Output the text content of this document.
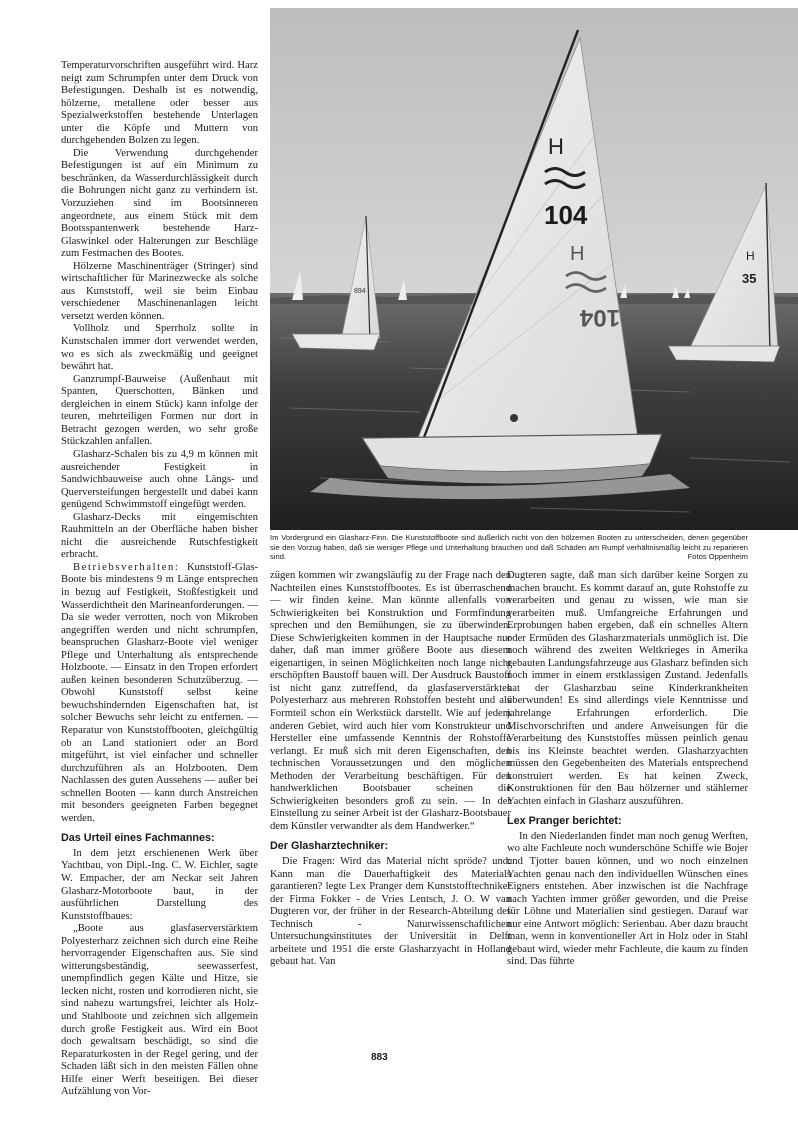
Temperaturvorschriften ausgeführt wird. Harz neigt zum Schrumpfen unter dem Druck von Befestigungen. Deshalb ist es notwendig, hölzerne, metallene oder besser aus Spezialwerkstoffen bestehende Unterlagen unter die Köpfe und Muttern von durchgehenden Bolzen zu legen.

Die Verwendung durchgehender Befestigungen ist auf ein Minimum zu beschränken, da Wasserdurchlässigkeit durch die Bohrungen nicht ganz zu verhindern ist. Vorzuziehen sind im Bootsinneren angeordnete, aus einem Stück mit dem Bootsspantenwerk bestehende Harz-Glaswinkel oder Halterungen zur Beschläge zum Festmachen des Bootes.

Hölzerne Maschinenträger (Stringer) sind wirtschaftlicher für Marinezwecke als solche aus Kunststoff, weil sie beim Einbau verschiedener Maschinenanlagen leicht versetzt werden können.

Vollholz und Sperrholz sollte in Kunstschalen immer dort verwendet werden, wo es sich als zweckmäßig und geeignet bewährt hat.

Ganzrumpf-Bauweise (Außenhaut mit Spanten, Querschotten, Bänken und dergleichen in einem Stück) kann infolge der teuren, mehrteiligen Formen nur dort in Betracht gezogen werden, wo sehr große Stückzahlen anfallen.

Glasharz-Schalen bis zu 4,9 m können mit ausreichender Festigkeit in Sandwichbauweise auch ohne Längs- und Querversteifungen hergestellt und dabei kann genügend Schwimmstoff eingefügt werden.

Glasharz-Decks mit eingemischten Rauhmitteln an der Oberfläche haben bisher nicht die ausreichende Rutschfestigkeit erbracht.

Betriebsverhalten: Kunststoff-Glas-Boote bis mindestens 9 m Länge entsprechen in bezug auf Festigkeit, Stoßfestigkeit und Wasserdichtheit den Marineanforderungen. — Da sie weder verrotten, noch von Mikroben angegriffen werden und nicht schrumpfen, beanspruchen Glasharz-Boote viel weniger Pflege und Unterhaltung als entsprechende Holzboote. — Einsatz in den Tropen erfordert außen keinen besonderen Schutzüberzug. — Obwohl Kunststoff selbst keine bewuchshindernden Eigenschaften hat, ist solcher Bewuchs sehr leicht zu entfernen. — Reparatur von Kunststoffbooten, gleichgültig ob an Land stationiert oder an Bord mitgeführt, ist viel einfacher und schneller durchzuführen als an Holzbooten. Dem Nachlassen des guten Aussehens — außer bei schnellen Booten — kann durch Anstreichen mit besonders geeigneten Farben begegnet werden.

Das Urteil eines Fachmannes:

In dem jetzt erschienenen Werk über Yachtbau, von Dipl.-Ing. C. W. Eichler, sagte W. Empacher, der am Neckar seit Jahren Glasharz-Motorboote baut, in der ausführlichen Darstellung des Kunststoffbaues:

„Boote aus glasfaserverstärktem Polyesterharz zeichnen sich durch eine Reihe hervorragender Eigenschaften aus. Sie sind witterungsbeständig, seewasserfest, unempfindlich gegen Kälte und Hitze, sie lecken nicht, rosten und korrodieren nicht, sie sind nahezu wartungsfrei, leichter als Holz- und Stahlboote und zeichnen sich allgemein durch große Festigkeit aus. Wird ein Boot doch gewaltsam beschädigt, so sind die Reparaturkosten in der Regel gering, und der Schaden läßt sich in den meisten Fällen ohne Hilfe einer Werft beseitigen. Bei dieser Aufzählung von Vor-

894
H
35
H
104
H
104
Im Vordergrund ein Glasharz-Finn. Die Kunststoffboote sind äußerlich nicht von den hölzernen Booten zu unterscheiden, denen gegenüber sie den Vorzug haben, daß sie weniger Pflege und Unterhaltung brauchen und daß Schäden am Rumpf verhältnismäßig leicht zu reparieren sind.	Fotos Oppenheim

zügen kommen wir zwangsläufig zu der Frage nach den Nachteilen eines Kunststoffbootes. Es ist überraschend — wir finden keine. Man könnte allenfalls von Schwierigkeiten bei Konstruktion und Formfindung sprechen und den Bemühungen, sie zu überwinden. Diese Schwierigkeiten kommen in der Hauptsache nur daher, daß man immer größere Boote aus diesem eigenartigen, in seinen Möglichkeiten noch lange nicht erschöpften Baustoff bauen will. Der Ausdruck Baustoff ist nicht ganz zutreffend, da glasfaserverstärktes Polyesterharz aus mehreren Rohstoffen besteht und als Formteil schon ein Werkstück darstellt. Wie auf jedem anderen Gebiet, wird auch hier vom Konstrukteur und Hersteller eine umfassende Kenntnis der Rohstoffe verlangt. Er muß sich mit deren Eigenschaften, den technischen Voraussetzungen und den möglichen Methoden der Verarbeitung beschäftigen. Für den handwerklichen Bootsbauer scheinen die Schwierigkeiten besonders groß zu sein. — In der Einstellung zu seiner Arbeit ist der Glasharz-Bootsbauer dem Künstler verwandter als dem Handwerker.“

Der Glasharztechniker:

Die Fragen: Wird das Material nicht spröde? und: Kann man die Dauerhaftigkeit des Materials garantieren? legte Lex Pranger dem Kunststofftechniker der Firma Fokker - de Vries Lentsch, J. O. W van Dugteren vor, der früher in der Research-Abteilung des Technisch - Naturwissenschaftlichen Untersuchungsinstitutes der Universität in Delft arbeitete und 1951 die erste Glasharzyacht in Holland gebaut hat. Van

Dugteren sagte, daß man sich darüber keine Sorgen zu machen braucht. Es kommt darauf an, gute Rohstoffe zu verarbeiten und genau zu wissen, wie man sie verarbeiten muß. Umfangreiche Erfahrungen und Erprobungen haben ergeben, daß ein schnelles Altern oder Ermüden des Glasharzmaterials unmöglich ist. Die noch während des zweiten Weltkrieges in Amerika gebauten Landungsfahrzeuge aus Glasharz befinden sich noch immer in einem erstklassigen Zustand. Jedenfalls hat der Glasharzbau seine Kinderkrankheiten überwunden! Es sind allerdings viele Kenntnisse und jahrelange Erfahrungen erforderlich. Die Mischvorschriften und andere Anweisungen für die Verarbeitung des Kunststoffes müssen peinlich genau bis ins Kleinste beachtet werden. Glasharzyachten müssen den Gegebenheiten des Materials entsprechend konstruiert werden. Es hat keinen Zweck, Konstruktionen für den Bau hölzerner und stählerner Yachten einfach in Glasharz auszuführen.

Lex Pranger berichtet:

In den Niederlanden findet man noch genug Werften, wo alte Fachleute noch wunderschöne Schiffe wie Bojer und Tjotter bauen können, und wo noch einzelnen Yachten genau nach den individuellen Wünschen eines Eigners entstehen. Aber inzwischen ist die Nachfrage nach Yachten immer größer geworden, und die Preise für Löhne und Materialien sind gestiegen. Darauf war nur eine Antwort möglich: Serienbau. Aber dazu braucht man, wenn in konventioneller Art in Holz oder in Stahl gebaut wird, wieder mehr Fachleute, die kaum zu finden sind. Das führte

883
